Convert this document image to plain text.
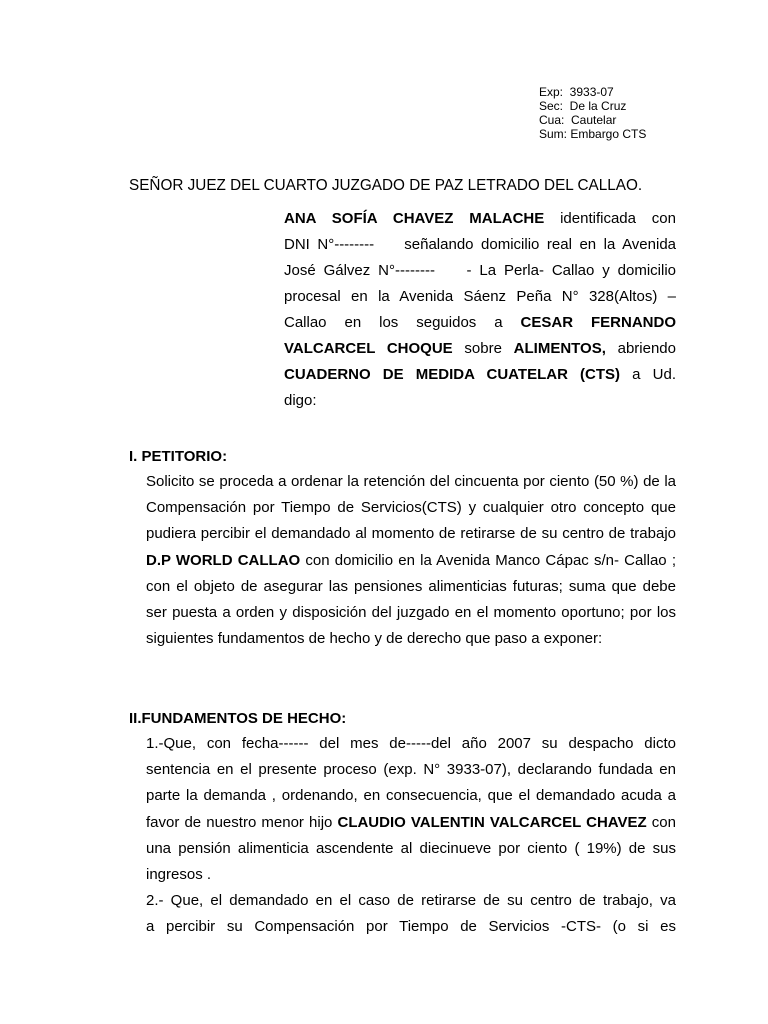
Exp:  3933-07
Sec:  De la Cruz
Cua:  Cautelar
Sum: Embargo CTS
SEÑOR JUEZ DEL CUARTO JUZGADO DE PAZ LETRADO DEL CALLAO.
ANA SOFÍA CHAVEZ MALACHE identificada con
DNI N°--------    señalando domicilio real en la Avenida
José Gálvez N°--------    - La Perla- Callao y domicilio
procesal en la Avenida Sáenz Peña N° 328(Altos) –
Callao en los seguidos a CESAR FERNANDO
VALCARCEL CHOQUE sobre ALIMENTOS, abriendo
CUADERNO DE MEDIDA CUATELAR (CTS) a Ud.
digo:
I. PETITORIO:
Solicito se proceda a ordenar la retención del cincuenta por ciento (50 %) de la Compensación por Tiempo de Servicios(CTS) y cualquier otro concepto que pudiera percibir el demandado al momento de retirarse de su centro de trabajo D.P WORLD CALLAO con domicilio en la Avenida Manco Cápac s/n- Callao ; con el objeto de asegurar las pensiones alimenticias futuras; suma que debe ser puesta a orden y disposición del juzgado en el momento oportuno; por los siguientes fundamentos de hecho y de derecho que paso a exponer:
II.FUNDAMENTOS DE HECHO:
1.-Que, con fecha------ del mes de-----del año 2007 su despacho dicto sentencia en el presente proceso (exp. N° 3933-07), declarando fundada en parte la demanda , ordenando, en consecuencia, que el demandado acuda a favor de nuestro menor hijo CLAUDIO VALENTIN VALCARCEL CHAVEZ con una pensión alimenticia ascendente al diecinueve por ciento ( 19%) de sus ingresos .
2.- Que, el demandado en el caso de retirarse de su centro de trabajo, va
a percibir su Compensación por Tiempo de Servicios -CTS- (o si es
